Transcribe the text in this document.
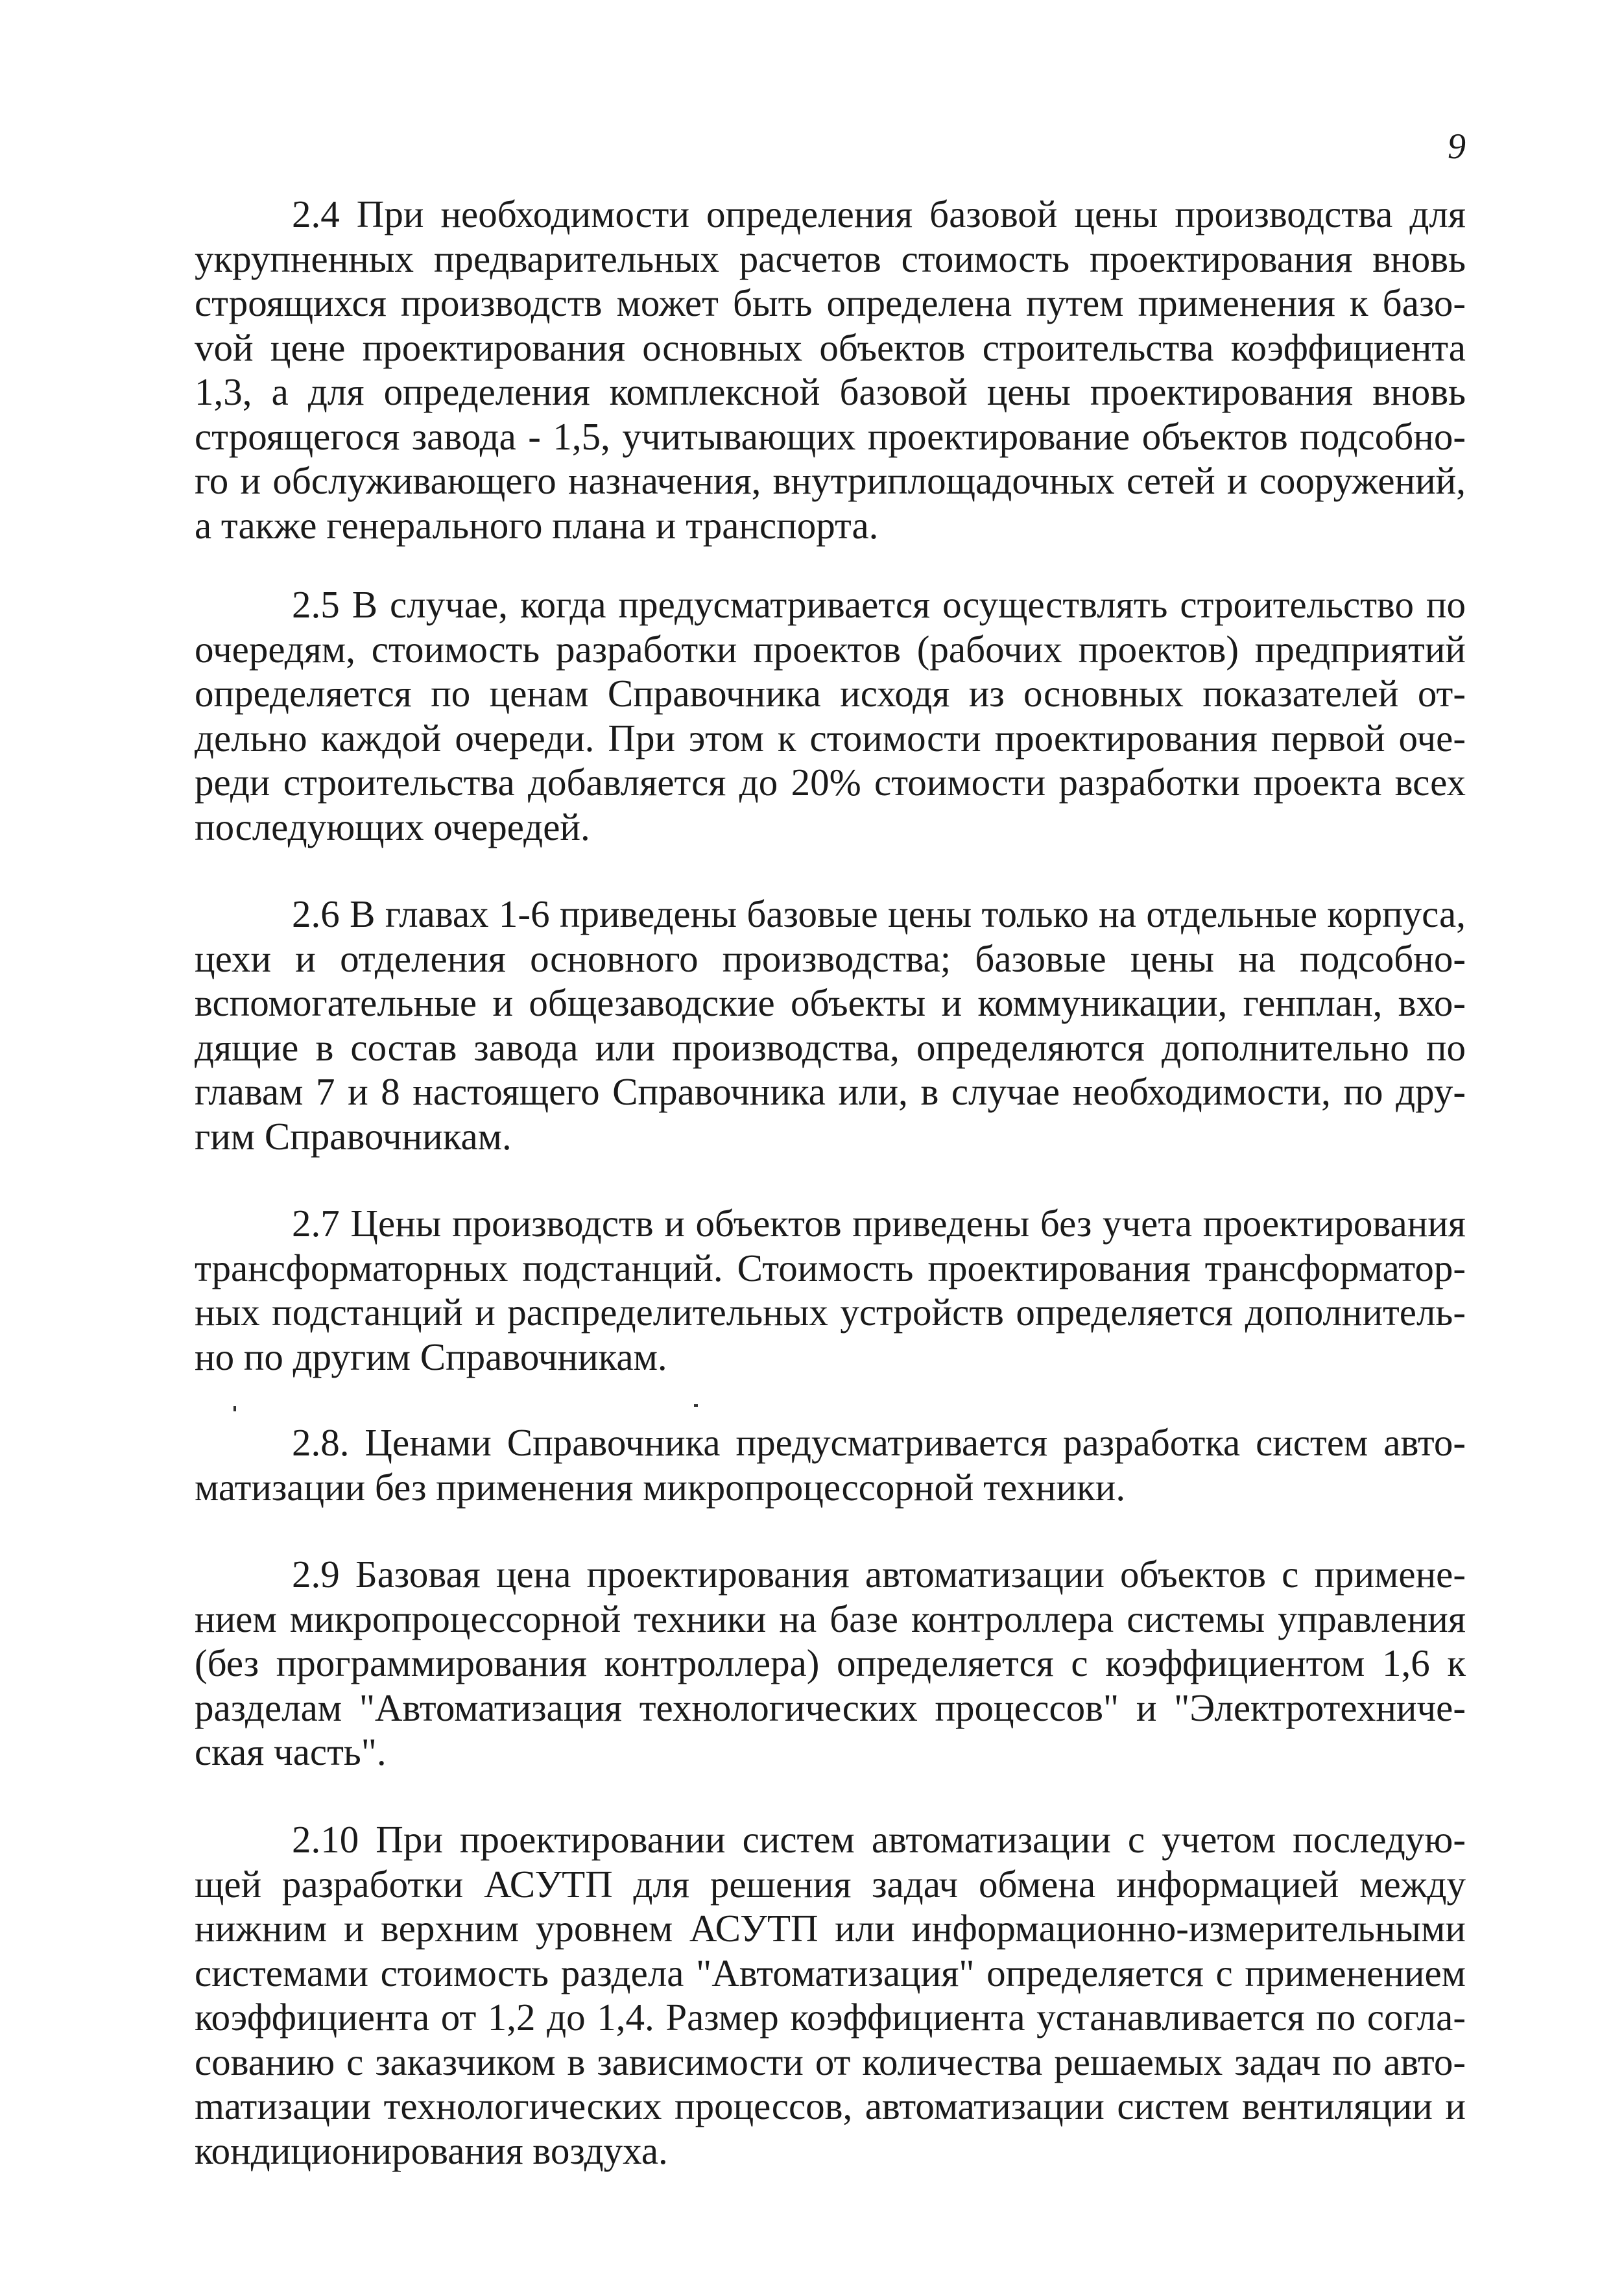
9

2.4 При необходимости определения базовой цены производства для укрупненных предварительных расчетов стоимость проектирования вновь строящихся производств может быть определена путем применения к базоvой цене проектирования основных объектов строительства коэффициента 1,3, а для определения комплексной базовой цены проектирования вновь строящегося завода - 1,5, учитывающих проектирование объектов подсобного и обслуживающего назначения, внутриплощадочных сетей и сооружений, а также генерального плана и транспорта.

2.5 В случае, когда предусматривается осуществлять строительство по очередям, стоимость разработки проектов (рабочих проектов) предприятий определяется по ценам Справочника исходя из основных показателей отдельно каждой очереди. При этом к стоимости проектирования первой очереди строительства добавляется до 20% стоимости разработки проекта всех последующих очередей.

2.6 В главах 1-6 приведены базовые цены только на отдельные корпуса, цехи и отделения основного производства; базовые цены на подсобно-вспомогательные и общезаводские объекты и коммуникации, генплан, входящие в состав завода или производства, определяются дополнительно по главам 7 и 8 настоящего Справочника или, в случае необходимости, по другим Справочникам.

2.7 Цены производств и объектов приведены без учета проектирования трансформаторных подстанций. Стоимость проектирования трансформаторных подстанций и распределительных устройств определяется дополнительно по другим Справочникам.

2.8. Ценами Справочника предусматривается разработка систем автоматизации без применения микропроцессорной техники.

2.9 Базовая цена проектирования автоматизации объектов с применением микропроцессорной техники на базе контроллера системы управления (без программирования контроллера) определяется с коэффициентом 1,6 к разделам "Автоматизация технологических процессов" и "Электротехническая часть".

2.10 При проектировании систем автоматизации с учетом последующей разработки АСУТП для решения задач обмена информацией между нижним и верхним уровнем АСУТП или информационно-измерительными системами стоимость раздела "Автоматизация" определяется с применением коэффициента от 1,2 до 1,4. Размер коэффициента устанавливается по согласованию с заказчиком в зависимости от количества решаемых задач по автоmатизации технологических процессов, автоматизации систем вентиляции и кондиционирования воздуха.
